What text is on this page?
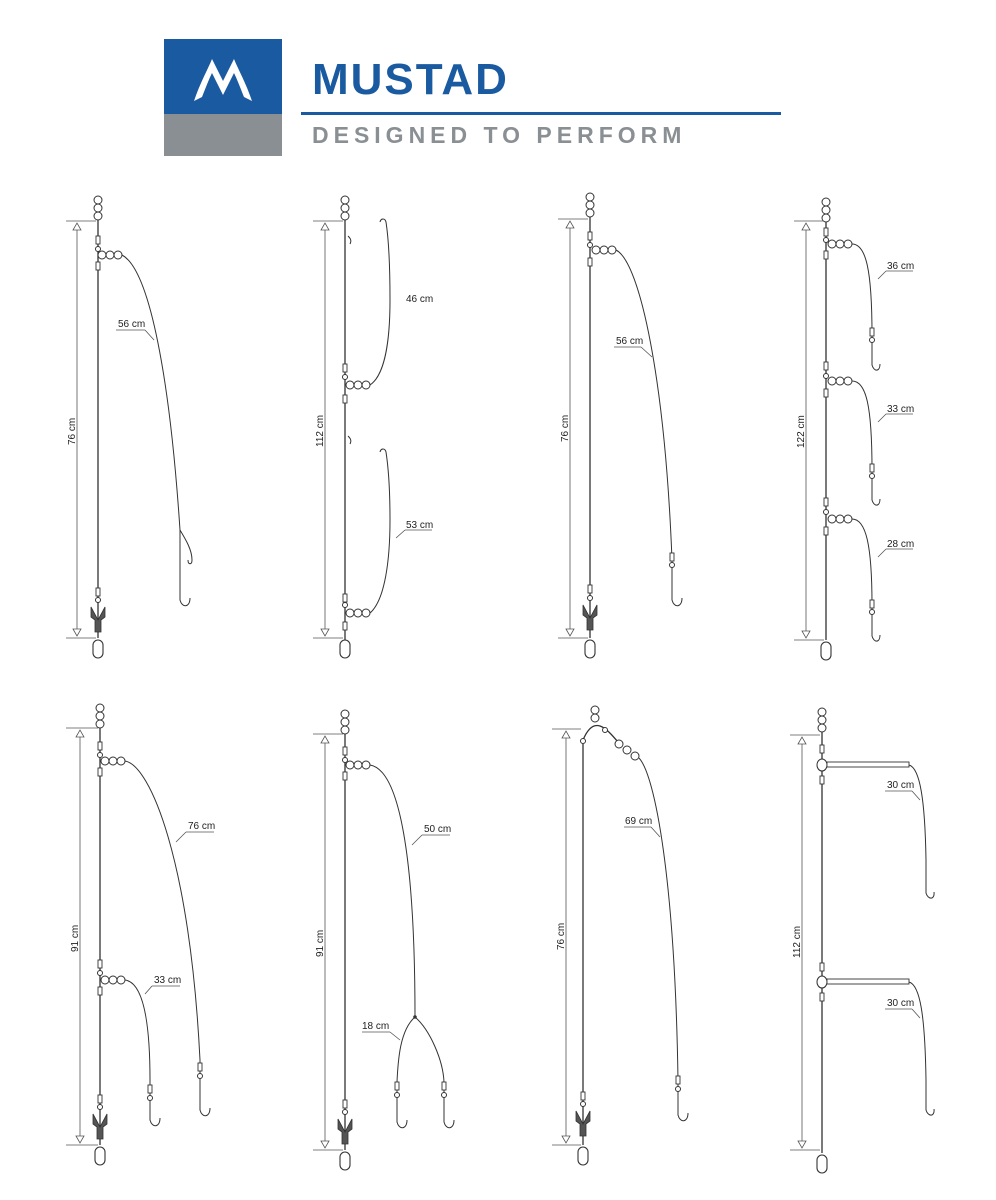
MUSTAD
DESIGNED TO PERFORM
76 cm
56 cm
112 cm
46 cm
53 cm
76 cm
56 cm
122 cm
36 cm
33 cm
28 cm
91 cm
76 cm
33 cm
91 cm
50 cm
18 cm
76 cm
69 cm
112 cm
30 cm
30 cm
